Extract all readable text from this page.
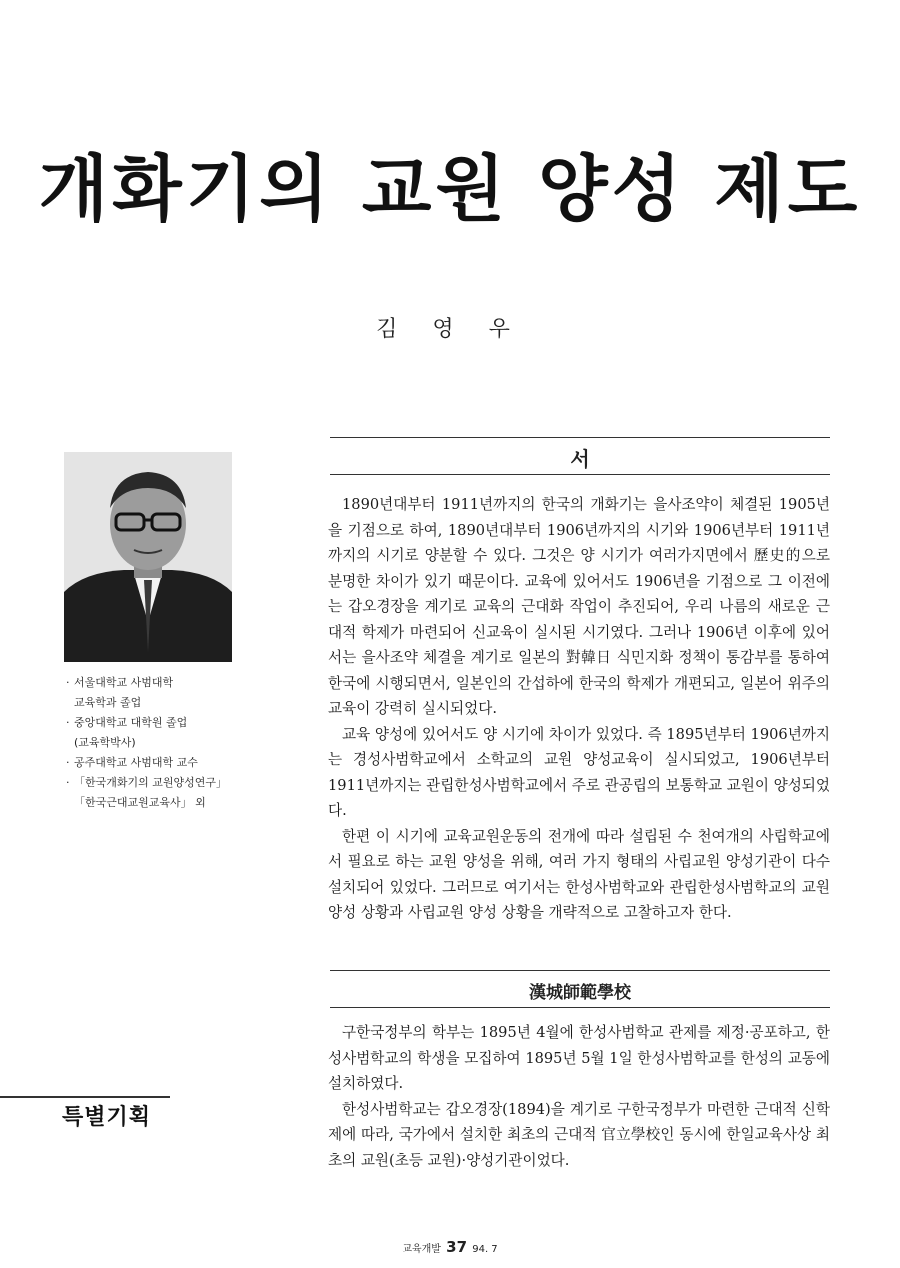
개화기의 교원 양성 제도
김 영 우
· 서울대학교 사범대학
교육학과 졸업
· 중앙대학교 대학원 졸업
(교육학박사)
· 공주대학교 사범대학 교수
· 「한국개화기의 교원양성연구」
「한국근대교원교육사」 외
서

1890년대부터 1911년까지의 한국의 개화기는 을사조약이 체결된 1905년을 기점으로 하여, 1890년대부터 1906년까지의 시기와 1906년부터 1911년까지의 시기로 양분할 수 있다. 그것은 양 시기가 여러가지면에서 歷史的으로 분명한 차이가 있기 때문이다. 교육에 있어서도 1906년을 기점으로 그 이전에는 갑오경장을 계기로 교육의 근대화 작업이 추진되어, 우리 나름의 새로운 근대적 학제가 마련되어 신교육이 실시된 시기였다. 그러나 1906년 이후에 있어서는 을사조약 체결을 계기로 일본의 對韓日 식민지화 정책이 통감부를 통하여 한국에 시행되면서, 일본인의 간섭하에 한국의 학제가 개편되고, 일본어 위주의 교육이 강력히 실시되었다.

교육 양성에 있어서도 양 시기에 차이가 있었다. 즉 1895년부터 1906년까지는 경성사범학교에서 소학교의 교원 양성교육이 실시되었고, 1906년부터 1911년까지는 관립한성사범학교에서 주로 관공립의 보통학교 교원이 양성되었다.

한편 이 시기에 교육교원운동의 전개에 따라 설립된 수 천여개의 사립학교에서 필요로 하는 교원 양성을 위해, 여러 가지 형태의 사립교원 양성기관이 다수 설치되어 있었다. 그러므로 여기서는 한성사범학교와 관립한성사범학교의 교원 양성 상황과 사립교원 양성 상황을 개략적으로 고찰하고자 한다.

漢城師範學校

구한국정부의 학부는 1895년 4월에 한성사범학교 관제를 제정·공포하고, 한성사범학교의 학생을 모집하여 1895년 5월 1일 한성사범학교를 한성의 교동에 설치하였다.

한성사범학교는 갑오경장(1894)을 계기로 구한국정부가 마련한 근대적 신학제에 따라, 국가에서 설치한 최초의 근대적 官立學校인 동시에 한일교육사상 최초의 교원(초등 교원)·양성기관이었다.

특별기획
교육개발 37 94. 7
